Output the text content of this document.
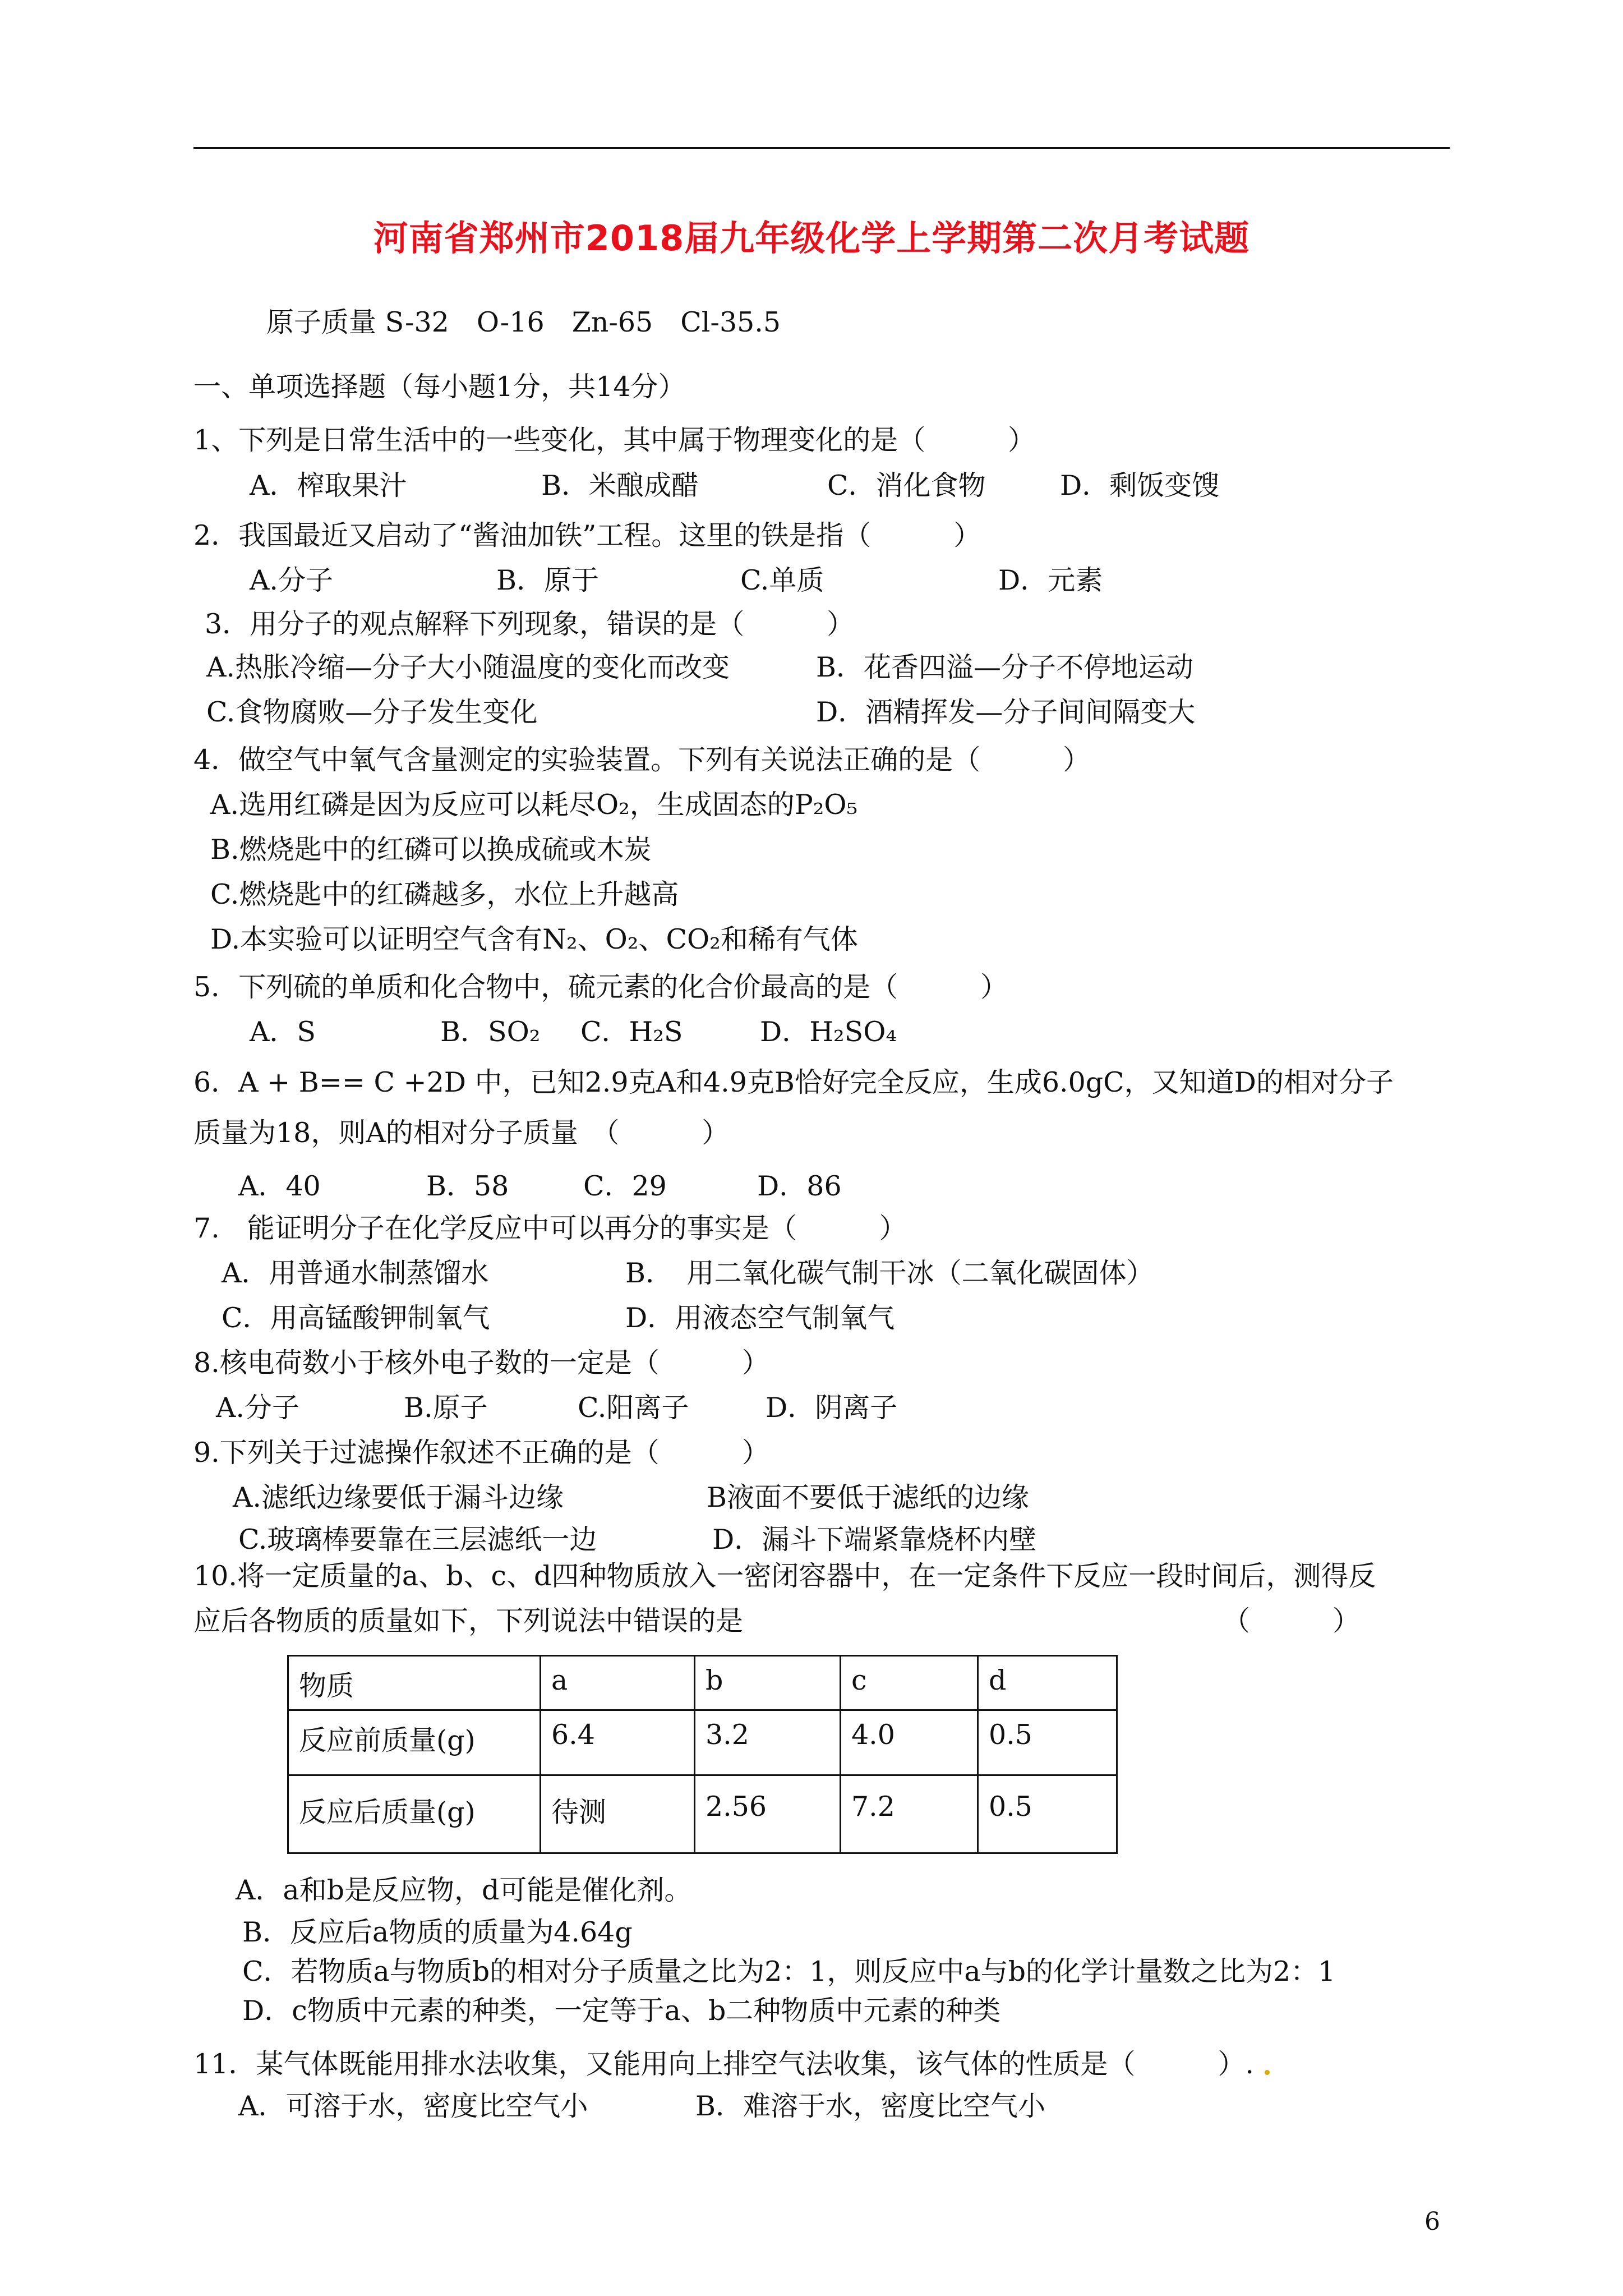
河南省郑州市2018届九年级化学上学期第二次月考试题
原子质量 S-32　O-16　Zn-65　Cl-35.5
一、单项选择题（每小题1分，共14分）
1、下列是日常生活中的一些变化，其中属于物理变化的是（　　　）
A．榨取果汁	B．米酿成醋	C．消化食物	D．剩饭变馊
2．我国最近又启动了“酱油加铁”工程。这里的铁是指（　　　）
A.分子	B．原于	C.单质	D．元素
3．用分子的观点解释下列现象，错误的是（　　　）
A.热胀冷缩—分子大小随温度的变化而改变	B．花香四溢—分子不停地运动
C.食物腐败—分子发生变化	D．酒精挥发—分子间间隔变大
4．做空气中氧气含量测定的实验装置。下列有关说法正确的是（　　　）
A.选用红磷是因为反应可以耗尽O₂，生成固态的P₂O₅
B.燃烧匙中的红磷可以换成硫或木炭
C.燃烧匙中的红磷越多，水位上升越高
D.本实验可以证明空气含有N₂、O₂、CO₂和稀有气体
5．下列硫的单质和化合物中，硫元素的化合价最高的是（　　　）
A．S	B．SO₂ C．H₂S	D．H₂SO₄
6．A + B== C +2D 中，已知2.9克A和4.9克B恰好完全反应，生成6.0gC，又知道D的相对分子
质量为18，则A的相对分子质量　（　　　）
A．40	B．58	C．29	D．86
7.　能证明分子在化学反应中可以再分的事实是（　　　）
A．用普通水制蒸馏水	B．　用二氧化碳气制干冰（二氧化碳固体）
C．用高锰酸钾制氧气	D．用液态空气制氧气
8.核电荷数小于核外电子数的一定是（　　　）
A.分子	B.原子	C.阳离子	D．阴离子
9.下列关于过滤操作叙述不正确的是（　　　）
A.滤纸边缘要低于漏斗边缘	B液面不要低于滤纸的边缘
C.玻璃棒要靠在三层滤纸一边	D．漏斗下端紧靠烧杯内壁
10.将一定质量的a、b、c、d四种物质放入一密闭容器中，在一定条件下反应一段时间后，测得反
应后各物质的质量如下，下列说法中错误的是	（　　　）
物质	a	b	c	d
反应前质量(g)	6.4	3.2	4.0	0.5
反应后质量(g)	待测	2.56	7.2	0.5
A．a和b是反应物，d可能是催化剂。
B．反应后a物质的质量为4.64g
C．若物质a与物质b的相对分子质量之比为2：1，则反应中a与b的化学计量数之比为2：1
D．c物质中元素的种类，一定等于a、b二种物质中元素的种类
11．某气体既能用排水法收集，又能用向上排空气法收集，该气体的性质是（　　　）.
A．可溶于水，密度比空气小	B．难溶于水，密度比空气小
6
